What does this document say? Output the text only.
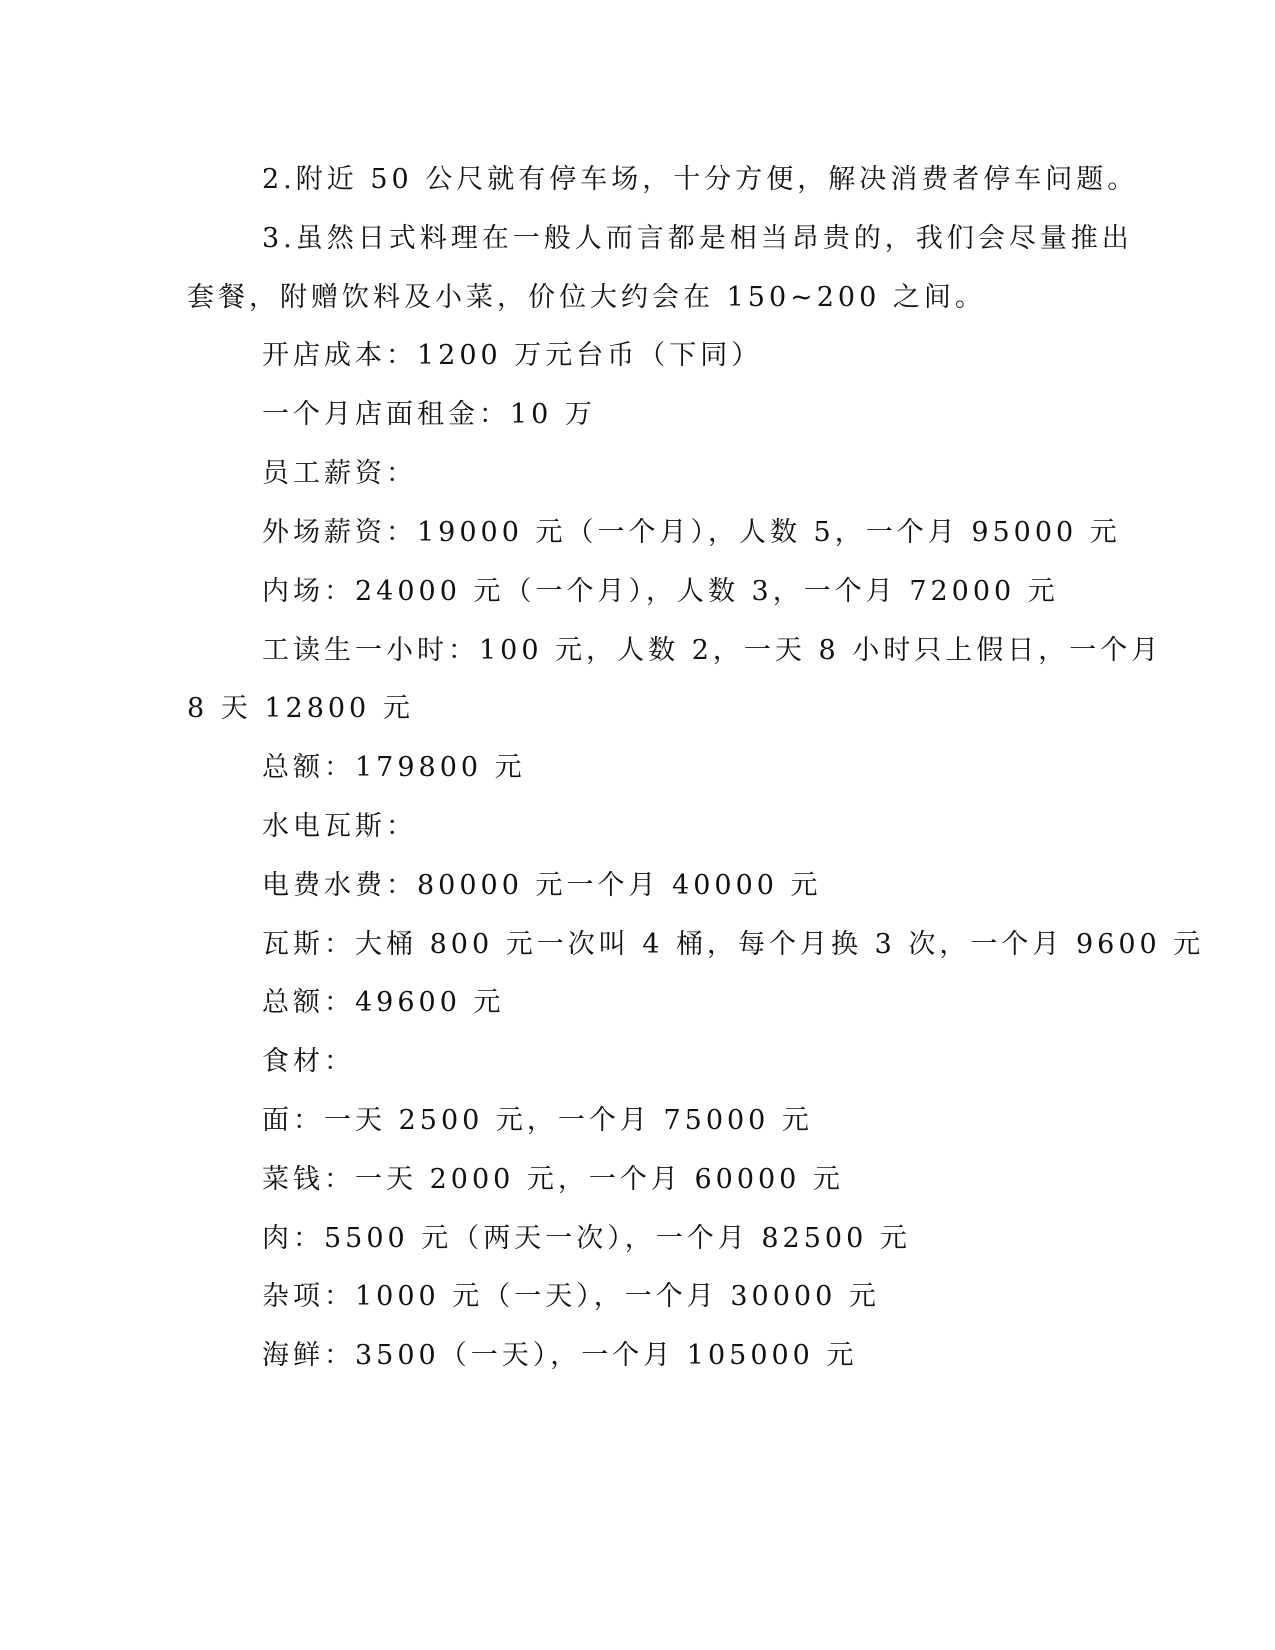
2.附近 50 公尺就有停车场，十分方便，解决消费者停车问题。
3.虽然日式料理在一般人而言都是相当昂贵的，我们会尽量推出
套餐，附赠饮料及小菜，价位大约会在 150~200 之间。
开店成本：1200 万元台币（下同）
一个月店面租金：10 万
员工薪资：
外场薪资：19000 元（一个月），人数 5，一个月 95000 元
内场：24000 元（一个月），人数 3，一个月 72000 元
工读生一小时：100 元，人数 2，一天 8 小时只上假日，一个月
8 天 12800 元
总额：179800 元
水电瓦斯：
电费水费：80000 元一个月 40000 元
瓦斯：大桶 800 元一次叫 4 桶，每个月换 3 次，一个月 9600 元
总额：49600 元
食材：
面：一天 2500 元，一个月 75000 元
菜钱：一天 2000 元，一个月 60000 元
肉：5500 元（两天一次），一个月 82500 元
杂项：1000 元（一天），一个月 30000 元
海鲜：3500（一天），一个月 105000 元
